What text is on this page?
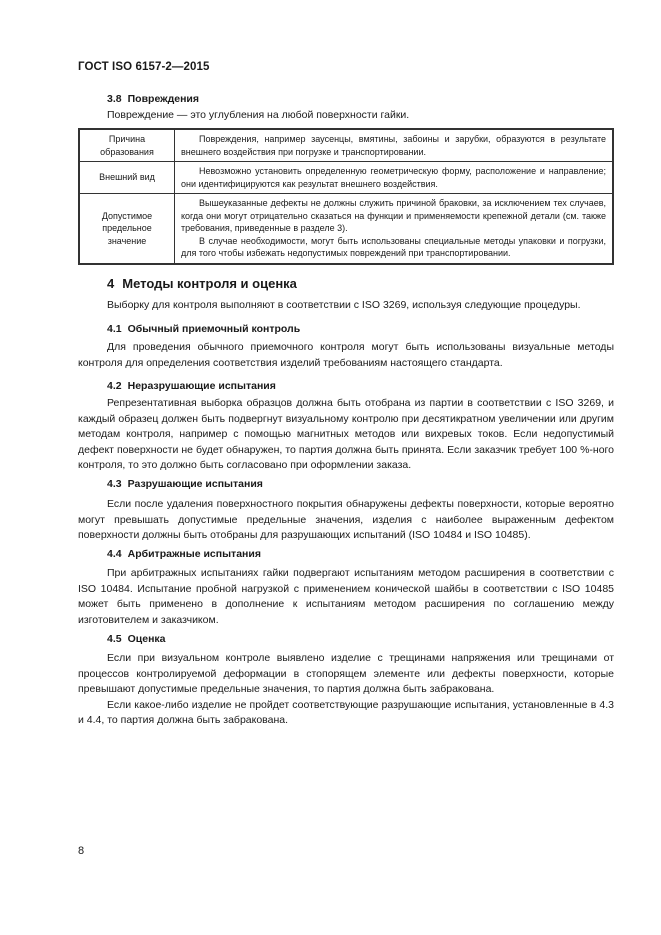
ГОСТ ISO 6157-2—2015
3.8 Повреждения
Повреждение — это углубления на любой поверхности гайки.
Причина образования	Повреждения, например заусенцы, вмятины, забоины и зарубки, образуются в результате внешнего воздействия при погрузке и транспортировании.

Внешний вид	Невозможно установить определенную геометрическую форму, расположение и направление; они идентифицируются как результат внешнего воздействия.

Допустимое предельное значение	Вышеуказанные дефекты не должны служить причиной браковки, за исключением тех случаев, когда они могут отрицательно сказаться на функции и применяемости крепежной детали (см. также требования, приведенные в разделе 3).

В случае необходимости, могут быть использованы специальные методы упаковки и погрузки, для того чтобы избежать недопустимых повреждений при транспортировании.

4 Методы контроля и оценка
Выборку для контроля выполняют в соответствии с ISO 3269, используя следующие процедуры.
4.1 Обычный приемочный контроль

Для проведения обычного приемочного контроля могут быть использованы визуальные методы контроля для определения соответствия изделий требованиям настоящего стандарта.

4.2 Неразрушающие испытания

Репрезентативная выборка образцов должна быть отобрана из партии в соответствии с ISO 3269, и каждый образец должен быть подвергнут визуальному контролю при десятикратном увеличении или другим методам контроля, например с помощью магнитных методов или вихревых токов. Если недопустимый дефект поверхности не будет обнаружен, то партия должна быть принята. Если заказчик требует 100 %-ного контроля, то это должно быть согласовано при оформлении заказа.

4.3 Разрушающие испытания

Если после удаления поверхностного покрытия обнаружены дефекты поверхности, которые вероятно могут превышать допустимые предельные значения, изделия с наиболее выраженным дефектом поверхности должны быть отобраны для разрушающих испытаний (ISO 10484 и ISO 10485).

4.4 Арбитражные испытания

При арбитражных испытаниях гайки подвергают испытаниям методом расширения в соответствии с ISO 10484. Испытание пробной нагрузкой с применением конической шайбы в соответствии с ISO 10485 может быть применено в дополнение к испытаниям методом расширения по соглашению между изготовителем и заказчиком.

4.5 Оценка

Если при визуальном контроле выявлено изделие с трещинами напряжения или трещинами от процессов контролируемой деформации в стопорящем элементе или дефекты поверхности, которые превышают допустимые предельные значения, то партия должна быть забракована.

Если какое-либо изделие не пройдет соответствующие разрушающие испытания, установленные в 4.3 и 4.4, то партия должна быть забракована.

8
